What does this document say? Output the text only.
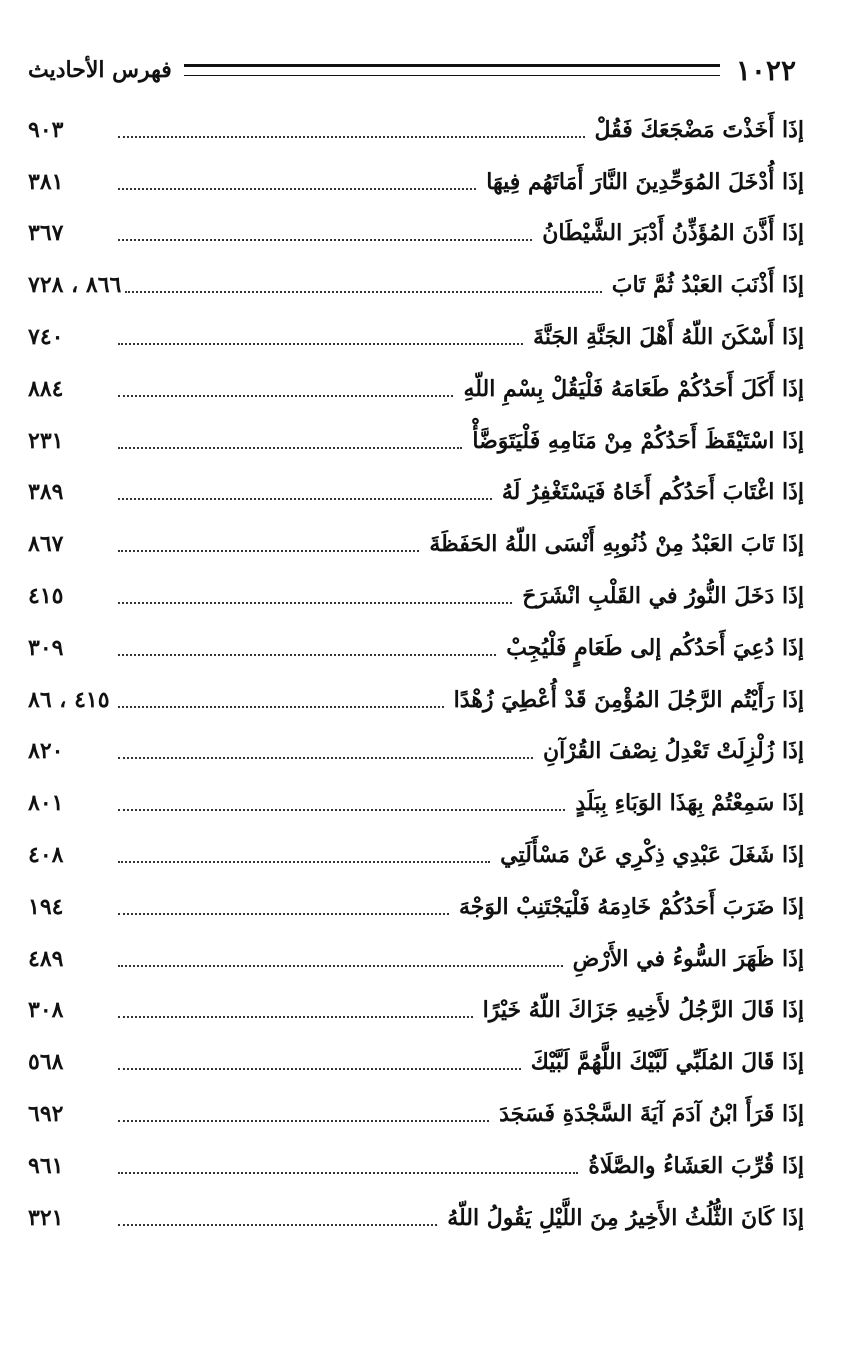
١٠٢٢
فهرس الأحاديث
إذَا أَخَذْتَ مَضْجَعَكَ فَقُلْ
٩٠٣
إذَا أُدْخَلَ المُوَحِّدِينَ النَّارَ أَمَاتَهُم فِيهَا
٣٨١
إذَا أَذَّنَ المُؤَذِّنُ أَدْبَرَ الشَّيْطَانُ
٣٦٧
إذَا أَذْنَبَ العَبْدُ ثُمَّ تَابَ
٨٦٦ ، ٧٢٨
إذَا أَسْكَنَ اللّهُ أَهْلَ الجَنَّةِ الجَنَّةَ
٧٤٠
إذَا أَكَلَ أَحَدُكُمْ طَعَامَهُ فَلْيَقُلْ بِسْمِ اللّهِ
٨٨٤
إذَا اسْتَيْقَظَ أَحَدُكُمْ مِنْ مَنَامِهِ فَلْيَتَوَضَّأْ
٢٣١
إذَا اغْتَابَ أَحَدُكُم أَخَاهُ فَيَسْتَغْفِرُ لَهُ
٣٨٩
إذَا تَابَ العَبْدُ مِنْ ذُنُوبِهِ أَنْسَى اللّهُ الحَفَظَةَ
٨٦٧
إذَا دَخَلَ النُّورُ في القَلْبِ انْشَرَحَ
٤١٥
إذَا دُعِيَ أَحَدُكُم إلى طَعَامٍ فَلْيُجِبْ
٣٠٩
إذَا رَأَيْتُم الرَّجُلَ المُؤْمِنَ قَدْ أُعْطِيَ زُهْدًا
٤١٥ ، ٨٦
إذَا زُلْزِلَتْ تَعْدِلُ نِصْفَ القُرْآنِ
٨٢٠
إذَا سَمِعْتُمْ بِهَذَا الوَبَاءِ بِبَلَدٍ
٨٠١
إذَا شَغَلَ عَبْدِي ذِكْرِي عَنْ مَسْأَلَتِي
٤٠٨
إذَا ضَرَبَ أَحَدُكُمْ خَادِمَهُ فَلْيَجْتَنِبْ الوَجْهَ
١٩٤
إذَا ظَهَرَ السُّوءُ في الأَرْضِ
٤٨٩
إذَا قَالَ الرَّجُلُ لأَخِيهِ جَزَاكَ اللّهُ خَيْرًا
٣٠٨
إذَا قَالَ المُلَبِّي لَبَّيْكَ اللَّهُمَّ لَبَّيْكَ
٥٦٨
إذَا قَرَأَ ابْنُ آدَمَ آيَةَ السَّجْدَةِ فَسَجَدَ
٦٩٢
إذَا قُرِّبَ العَشَاءُ والصَّلَاةُ
٩٦١
إذَا كَانَ الثُّلُثُ الأَخِيرُ مِنَ اللَّيْلِ يَقُولُ اللّهُ
٣٢١
